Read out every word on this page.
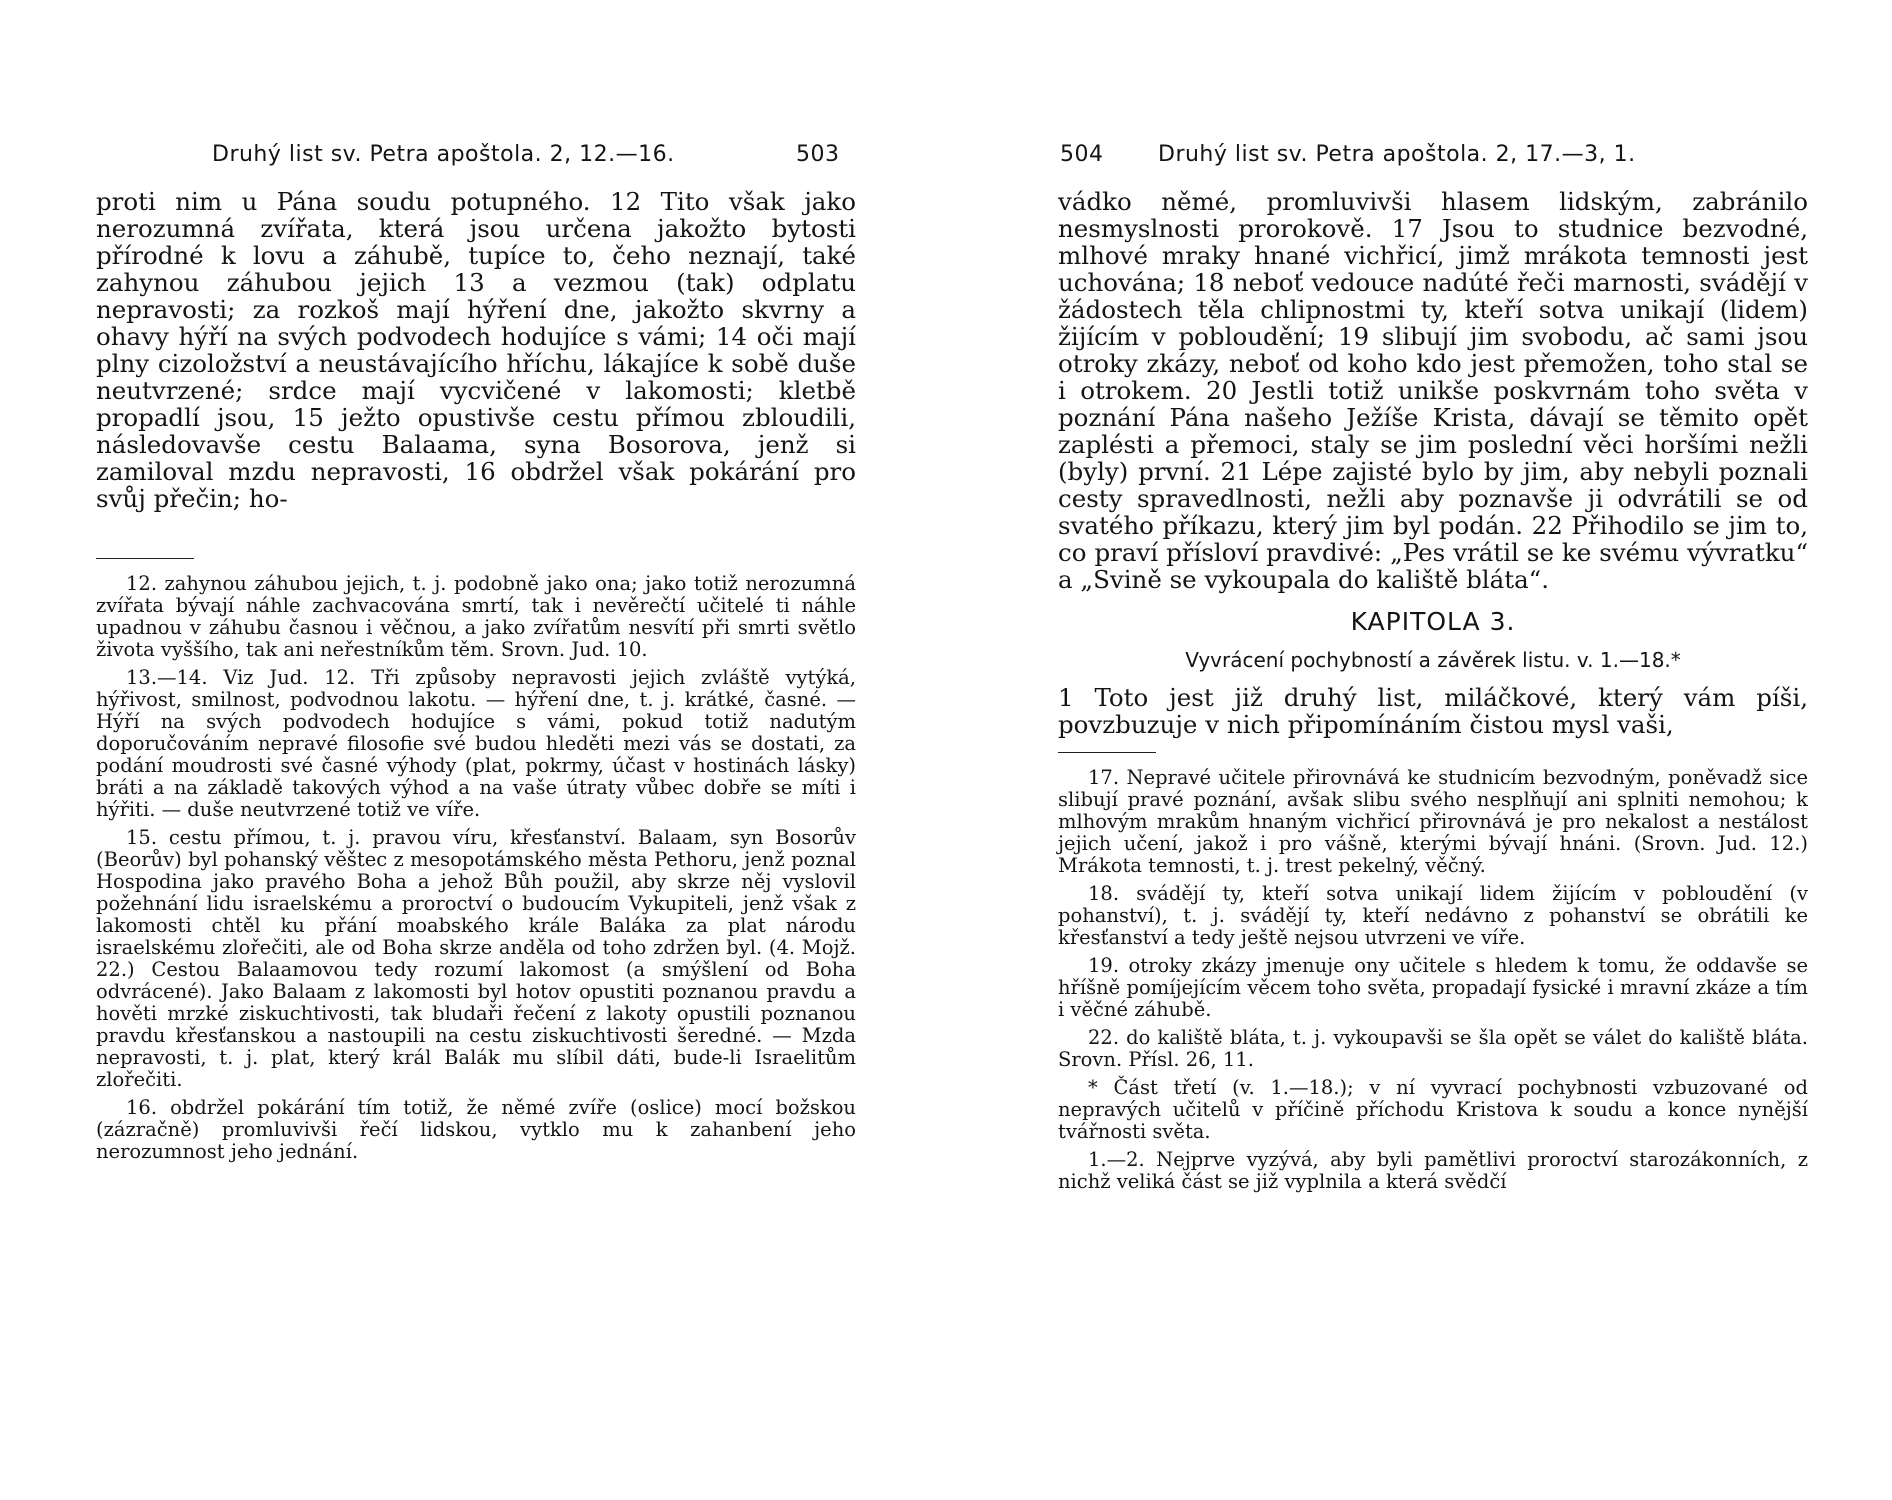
Druhý list sv. Petra apoštola. 2, 12.—16.	503
proti nim u Pána soudu potupného. 12 Tito však jako nerozumná zvířata, která jsou určena jakožto bytosti přírodné k lovu a záhubě, tupíce to, čeho neznají, také zahynou záhubou jejich 13 a vezmou (tak) odplatu nepravosti; za rozkoš mají hýření dne, jakožto skvrny a ohavy hýří na svých podvodech hodujíce s vámi; 14 oči mají plny cizoložství a neustávajícího hříchu, lákajíce k sobě duše neutvrzené; srdce mají vycvičené v lakomosti; kletbě propadlí jsou, 15 ježto opustivše cestu přímou zbloudili, následovavše cestu Balaama, syna Bosorova, jenž si zamiloval mzdu nepravosti, 16 obdržel však pokárání pro svůj přečin; ho-

12. zahynou záhubou jejich, t. j. podobně jako ona; jako totiž nerozumná zvířata bývají náhle zachvacována smrtí, tak i nevěrečtí učitelé ti náhle upadnou v záhubu časnou i věčnou, a jako zvířatům nesvítí při smrti světlo života vyššího, tak ani neřestníkům těm. Srovn. Jud. 10.

13.—14. Viz Jud. 12. Tři způsoby nepravosti jejich zvláště vytýká, hýřivost, smilnost, podvodnou lakotu. — hýření dne, t. j. krátké, časné. — Hýří na svých podvodech hodujíce s vámi, pokud totiž nadutým doporučováním nepravé filosofie své budou hleděti mezi vás se dostati, za podání moudrosti své časné výhody (plat, pokrmy, účast v hostinách lásky) bráti a na základě takových výhod a na vaše útraty vůbec dobře se míti i hýřiti. — duše neutvrzené totiž ve víře.

15. cestu přímou, t. j. pravou víru, křesťanství. Balaam, syn Bosorův (Beorův) byl pohanský věštec z mesopotámského města Pethoru, jenž poznal Hospodina jako pravého Boha a jehož Bůh použil, aby skrze něj vyslovil požehnání lidu israelskému a proroctví o budoucím Vykupiteli, jenž však z lakomosti chtěl ku přání moabského krále Baláka za plat národu israelskému zlořečiti, ale od Boha skrze anděla od toho zdržen byl. (4. Mojž. 22.) Cestou Balaamovou tedy rozumí lakomost (a smýšlení od Boha odvrácené). Jako Balaam z lakomosti byl hotov opustiti poznanou pravdu a hověti mrzké ziskuchtivosti, tak bludaři řečení z lakoty opustili poznanou pravdu křesťanskou a nastoupili na cestu ziskuchtivosti šeredné. — Mzda nepravosti, t. j. plat, který král Balák mu slíbil dáti, bude-li Israelitům zlořečiti.

16. obdržel pokárání tím totiž, že němé zvíře (oslice) mocí božskou (zázračně) promluvivši řečí lidskou, vytklo mu k zahanbení jeho nerozumnost jeho jednání.

504 Druhý list sv. Petra apoštola. 2, 17.—3, 1.
vádko němé, promluvivši hlasem lidským, zabránilo nesmyslnosti prorokově. 17 Jsou to studnice bezvodné, mlhové mraky hnané vichřicí, jimž mrákota temnosti jest uchována; 18 neboť vedouce nadúté řeči marnosti, svádějí v žádostech těla chlipnostmi ty, kteří sotva unikají (lidem) žijícím v pobloudění; 19 slibují jim svobodu, ač sami jsou otroky zkázy, neboť od koho kdo jest přemožen, toho stal se i otrokem. 20 Jestli totiž unikše poskvrnám toho světa v poznání Pána našeho Ježíše Krista, dávají se těmito opět zaplésti a přemoci, staly se jim poslední věci horšími nežli (byly) první. 21 Lépe zajisté bylo by jim, aby nebyli poznali cesty spravedlnosti, nežli aby poznavše ji odvrátili se od svatého příkazu, který jim byl podán. 22 Přihodilo se jim to, co praví přísloví pravdivé: „Pes vrátil se ke svému vývratku“ a „Svině se vykoupala do kaliště bláta“.
KAPITOLA 3.
Vyvrácení pochybností a závěrek listu. v. 1.—18.*
1 Toto jest již druhý list, miláčkové, který vám píši, povzbuzuje v nich připomínáním čistou mysl vaši,

17. Nepravé učitele přirovnává ke studnicím bezvodným, poněvadž sice slibují pravé poznání, avšak slibu svého nesplňují ani splniti nemohou; k mlhovým mrakům hnaným vichřicí přirovnává je pro nekalost a nestálost jejich učení, jakož i pro vášně, kterými bývají hnáni. (Srovn. Jud. 12.) Mrákota temnosti, t. j. trest pekelný, věčný.

18. svádějí ty, kteří sotva unikají lidem žijícím v pobloudění (v pohanství), t. j. svádějí ty, kteří nedávno z pohanství se obrátili ke křesťanství a tedy ještě nejsou utvrzeni ve víře.

19. otroky zkázy jmenuje ony učitele s hledem k tomu, že oddavše se hříšně pomíjejícím věcem toho světa, propadají fysické i mravní zkáze a tím i věčné záhubě.

22. do kaliště bláta, t. j. vykoupavši se šla opět se válet do kaliště bláta. Srovn. Přísl. 26, 11.

* Část třetí (v. 1.—18.); v ní vyvrací pochybnosti vzbuzované od nepravých učitelů v příčině příchodu Kristova k soudu a konce nynější tvářnosti světa.

1.—2. Nejprve vyzývá, aby byli pamětlivi proroctví starozákonních, z nichž veliká část se již vyplnila a která svědčí
